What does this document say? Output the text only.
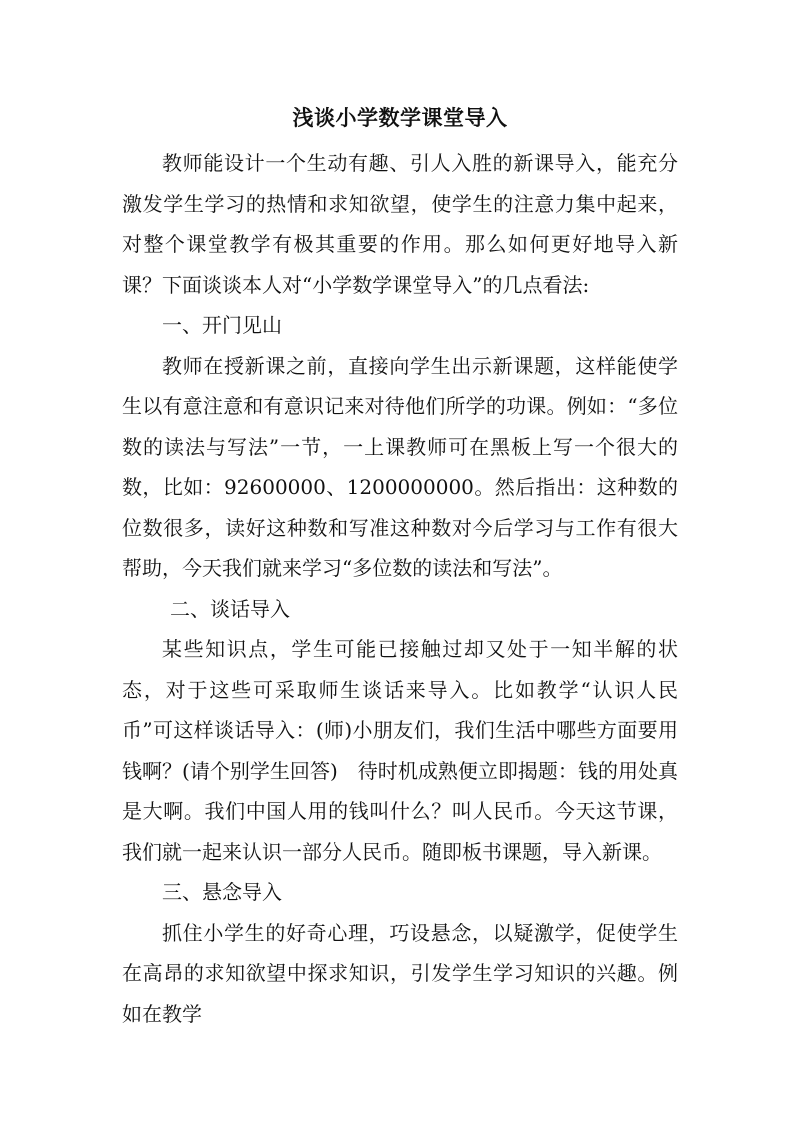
浅谈小学数学课堂导入

教师能设计一个生动有趣、引人入胜的新课导入，能充分激发学生学习的热情和求知欲望，使学生的注意力集中起来，对整个课堂教学有极其重要的作用。那么如何更好地导入新课？下面谈谈本人对“小学数学课堂导入”的几点看法:

一、开门见山

教师在授新课之前，直接向学生出示新课题，这样能使学生以有意注意和有意识记来对待他们所学的功课。例如：“多位数的读法与写法”一节，一上课教师可在黑板上写一个很大的数，比如：92600000、1200000000。然后指出：这种数的位数很多，读好这种数和写准这种数对今后学习与工作有很大帮助，今天我们就来学习“多位数的读法和写法”。

二、谈话导入

某些知识点，学生可能已接触过却又处于一知半解的状态，对于这些可采取师生谈话来导入。比如教学“认识人民币”可这样谈话导入：(师)小朋友们，我们生活中哪些方面要用钱啊？(请个别学生回答)　待时机成熟便立即揭题：钱的用处真是大啊。我们中国人用的钱叫什么？叫人民币。今天这节课，我们就一起来认识一部分人民币。随即板书课题，导入新课。

三、悬念导入

抓住小学生的好奇心理，巧设悬念，以疑激学，促使学生在高昂的求知欲望中探求知识，引发学生学习知识的兴趣。例如在教学
